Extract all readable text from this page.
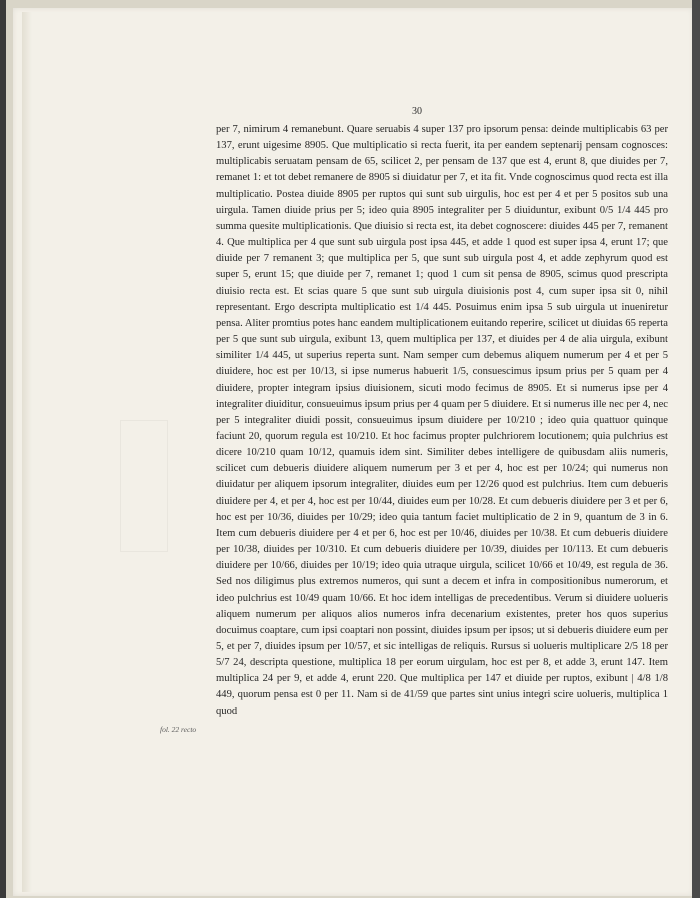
30

per 7, nimirum 4 remanebunt. Quare seruabis 4 super 137 pro ipsorum pensa: deinde multiplicabis 63 per 137, erunt uigesime 8905. Que multiplicatio si recta fuerit, ita per eandem septenarij pensam cognosces: multiplicabis seruatam pensam de 65, scilicet 2, per pensam de 137 que est 4, erunt 8, que diuides per 7, remanet 1: et tot debet remanere de 8905 si diuidatur per 7, et ita fit. Vnde cognoscimus quod recta est illa multiplicatio. Postea diuide 8905 per ruptos qui sunt sub uirgulis, hoc est per 4 et per 5 positos sub una uirgula. Tamen diuide prius per 5; ideo quia 8905 integraliter per 5 diuiduntur, exibunt 0/5 1/4 445 pro summa quesite multiplicationis. Que diuisio si recta est, ita debet cognoscere: diuides 445 per 7, remanent 4. Que multiplica per 4 que sunt sub uirgula post ipsa 445, et adde 1 quod est super ipsa 4, erunt 17; que diuide per 7 remanent 3; que multiplica per 5, que sunt sub uirgula post 4, et adde zephyrum quod est super 5, erunt 15; que diuide per 7, remanet 1; quod 1 cum sit pensa de 8905, scimus quod prescripta diuisio recta est. Et scias quare 5 que sunt sub uirgula diuisionis post 4, cum super ipsa sit 0, nihil representant. Ergo descripta multiplicatio est 1/4 445. Posuimus enim ipsa 5 sub uirgula ut inueniretur pensa. Aliter promtius potes hanc eandem multiplicationem euitando reperire, scilicet ut diuidas 65 reperta per 5 que sunt sub uirgula, exibunt 13, quem multiplica per 137, et diuides per 4 de alia uirgula, exibunt similiter 1/4 445, ut superius reperta sunt. Nam semper cum debemus aliquem numerum per 4 et per 5 diuidere, hoc est per 10/13, si ipse numerus habuerit 1/5, consuescimus ipsum prius per 5 quam per 4 diuidere, propter integram ipsius diuisionem, sicuti modo fecimus de 8905. Et si numerus ipse per 4 integraliter diuiditur, consueuimus ipsum prius per 4 quam per 5 diuidere. Et si numerus ille nec per 4, nec per 5 integraliter diuidi possit, consueuimus ipsum diuidere per 10/210 ; ideo quia quattuor quinque faciunt 20, quorum regula est 10/210. Et hoc facimus propter pulchriorem locutionem; quia pulchrius est dicere 10/210 quam 10/12, quamuis idem sint. Similiter debes intelligere de quibusdam aliis numeris, scilicet cum debueris diuidere aliquem numerum per 3 et per 4, hoc est per 10/24; qui numerus non diuidatur per aliquem ipsorum integraliter, diuides eum per 12/26 quod est pulchrius. Item cum debueris diuidere per 4, et per 4, hoc est per 10/44, diuides eum per 10/28. Et cum debueris diuidere per 3 et per 6, hoc est per 10/36, diuides per 10/29; ideo quia tantum faciet multiplicatio de 2 in 9, quantum de 3 in 6. Item cum debueris diuidere per 4 et per 6, hoc est per 10/46, diuides per 10/38. Et cum debueris diuidere per 10/38, diuides per 10/310. Et cum debueris diuidere per 10/39, diuides per 10/113. Et cum debueris diuidere per 10/66, diuides per 10/19; ideo quia utraque uirgula, scilicet 10/66 et 10/49, est regula de 36. Sed nos diligimus plus extremos numeros, qui sunt a decem et infra in compositionibus numerorum, et ideo pulchrius est 10/49 quam 10/66. Et hoc idem intelligas de precedentibus. Verum si diuidere uolueris aliquem numerum per aliquos alios numeros infra decenarium existentes, preter hos quos superius docuimus coaptare, cum ipsi coaptari non possint, diuides ipsum per ipsos; ut si debueris diuidere eum per 5, et per 7, diuides ipsum per 10/57, et sic intelligas de reliquis. Rursus si uolueris multiplicare 2/5 18 per 5/7 24, descripta questione, multiplica 18 per eorum uirgulam, hoc est per 8, et adde 3, erunt 147. Item multiplica 24 per 9, et adde 4, erunt 220. Que multiplica per 147 et diuide per ruptos, exibunt | 4/8 1/8 449, quorum pensa est 0 per 11. Nam si de 41/59 que partes sint unius integri scire uolueris, multiplica 1 quod

fol. 22 recto
